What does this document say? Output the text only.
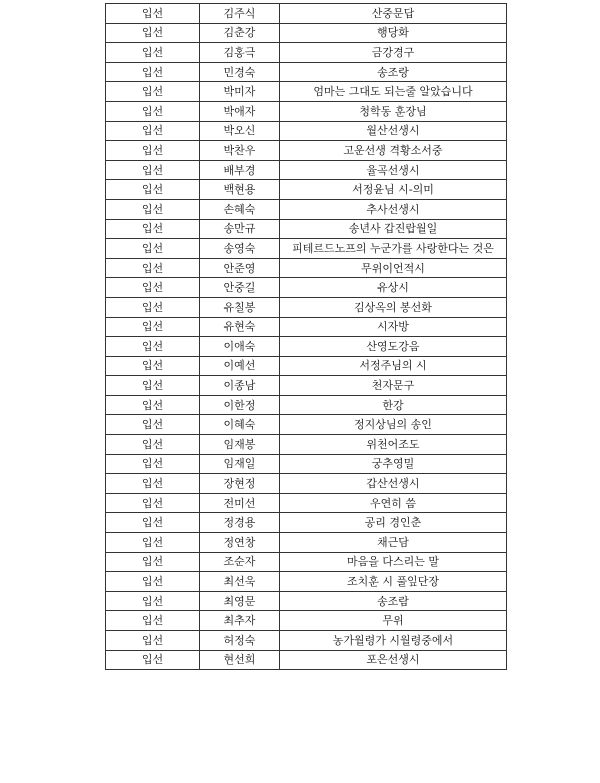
입선	김주식	산중문답
입선	김춘강	행당화
입선	김홍극	금강경구
입선	민경숙	송조랑
입선	박미자	엄마는 그대도 되는줄 알았습니다
입선	박애자	청학동 훈장님
입선	박오신	월산선생시
입선	박찬우	고운선생 격황소서중
입선	배부경	율곡선생시
입선	백현용	서정윤님 시-의미
입선	손혜숙	추사선생시
입선	송만규	송년사 갑진랍월일
입선	송영숙	피테르드노프의 누군가를 사랑한다는 것은
입선	안준영	무위이언적시
입선	안중길	유상시
입선	유칠봉	김상옥의 봉선화
입선	유현숙	시자방
입선	이애숙	산영도강음
입선	이예선	서정주님의 시
입선	이종남	천자문구
입선	이한정	한강
입선	이혜숙	정지상님의 송인
입선	임재봉	위천어조도
입선	임재일	궁추영밀
입선	장현정	갑산선생시
입선	전미선	우연히 씀
입선	정경용	공리 경인춘
입선	정연창	채근담
입선	조순자	마음을 다스리는 말
입선	최선욱	조치훈 시 풀잎단장
입선	최영문	송조람
입선	최추자	무위
입선	허정숙	농가월령가 시월령중에서
입선	현선희	포은선생시
